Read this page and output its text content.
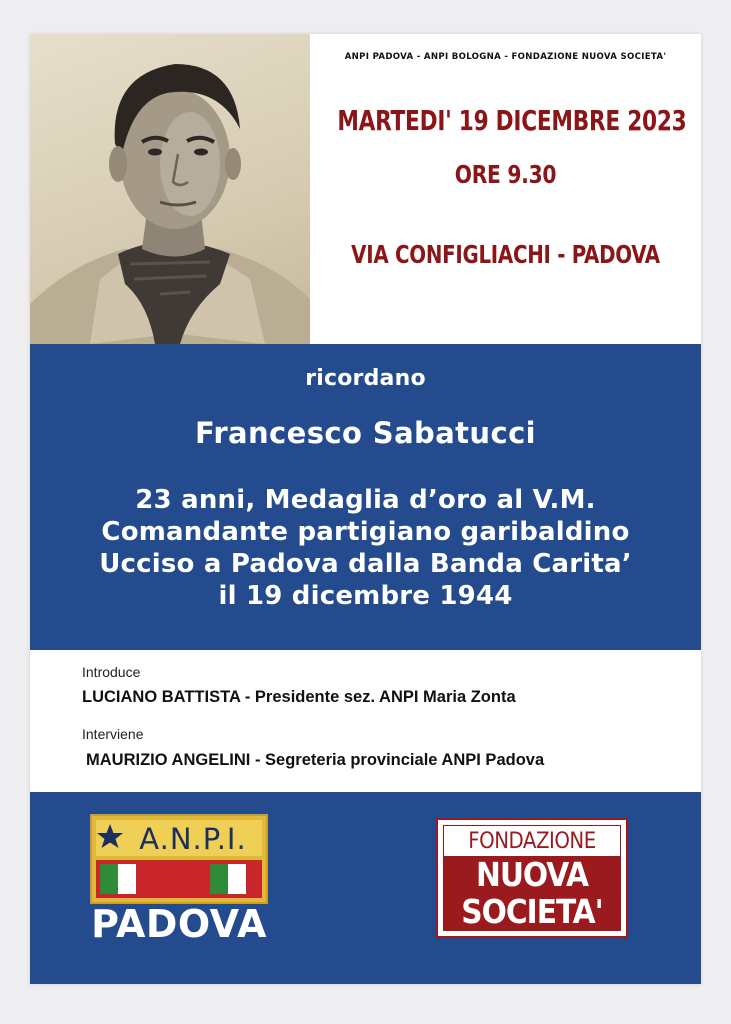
ANPI PADOVA - ANPI BOLOGNA - FONDAZIONE NUOVA SOCIETA'
MARTEDI' 19 DICEMBRE 2023
ORE 9.30
VIA CONFIGLIACHI - PADOVA
ricordano
Francesco Sabatucci
23 anni, Medaglia d’oro al V.M.
Comandante partigiano garibaldino
Ucciso a Padova dalla Banda Carita’
il 19 dicembre 1944
Introduce
LUCIANO BATTISTA - Presidente sez. ANPI Maria Zonta
Interviene
MAURIZIO ANGELINI - Segreteria provinciale ANPI Padova
A.N.P.I.
PADOVA
FONDAZIONE
NUOVA
SOCIETA'
